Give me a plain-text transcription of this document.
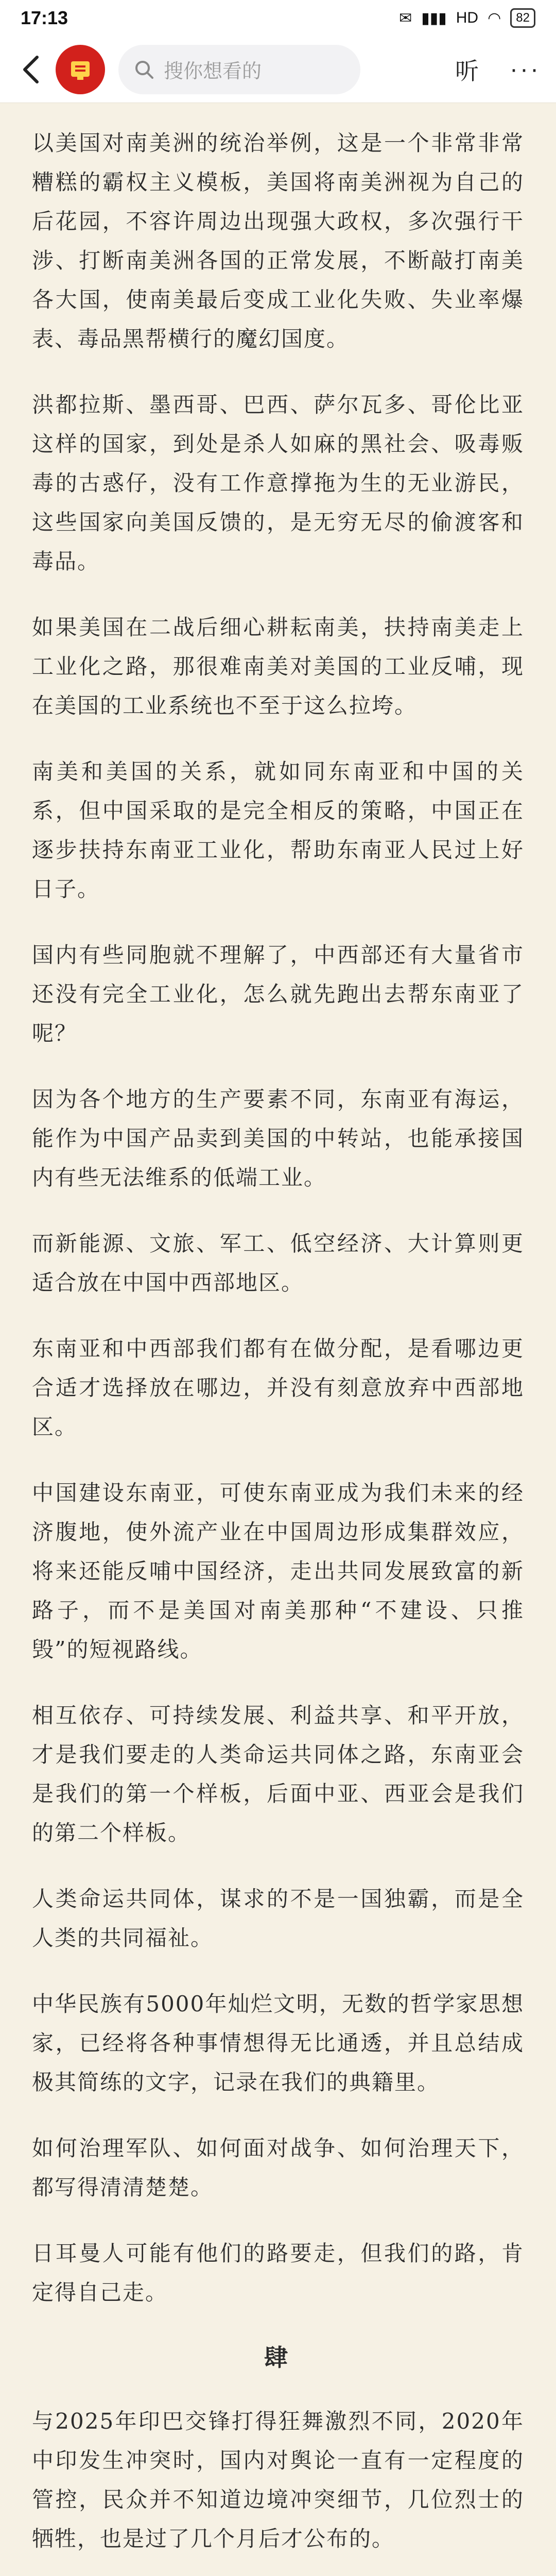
17:13	✉ ▮▮▮ HD ◠	82
搜你想看的	听 ···

以美国对南美洲的统治举例，这是一个非常非常糟糕的霸权主义模板，美国将南美洲视为自己的后花园，不容许周边出现强大政权，多次强行干涉、打断南美洲各国的正常发展，不断敲打南美各大国，使南美最后变成工业化失败、失业率爆表、毒品黑帮横行的魔幻国度。

洪都拉斯、墨西哥、巴西、萨尔瓦多、哥伦比亚这样的国家，到处是杀人如麻的黑社会、吸毒贩毒的古惑仔，没有工作意撑拖为生的无业游民，这些国家向美国反馈的，是无穷无尽的偷渡客和毒品。

如果美国在二战后细心耕耘南美，扶持南美走上工业化之路，那很难南美对美国的工业反哺，现在美国的工业系统也不至于这么拉垮。

南美和美国的关系，就如同东南亚和中国的关系，但中国采取的是完全相反的策略，中国正在逐步扶持东南亚工业化，帮助东南亚人民过上好日子。

国内有些同胞就不理解了，中西部还有大量省市还没有完全工业化，怎么就先跑出去帮东南亚了呢？

因为各个地方的生产要素不同，东南亚有海运，能作为中国产品卖到美国的中转站，也能承接国内有些无法维系的低端工业。

而新能源、文旅、军工、低空经济、大计算则更适合放在中国中西部地区。

东南亚和中西部我们都有在做分配，是看哪边更合适才选择放在哪边，并没有刻意放弃中西部地区。

中国建设东南亚，可使东南亚成为我们未来的经济腹地，使外流产业在中国周边形成集群效应，将来还能反哺中国经济，走出共同发展致富的新路子，而不是美国对南美那种“不建设、只推毁”的短视路线。

相互依存、可持续发展、利益共享、和平开放，才是我们要走的人类命运共同体之路，东南亚会是我们的第一个样板，后面中亚、西亚会是我们的第二个样板。

人类命运共同体，谋求的不是一国独霸，而是全人类的共同福祉。

中华民族有5000年灿烂文明，无数的哲学家思想家，已经将各种事情想得无比通透，并且总结成极其简练的文字，记录在我们的典籍里。

如何治理军队、如何面对战争、如何治理天下，都写得清清楚楚。

日耳曼人可能有他们的路要走，但我们的路，肯定得自己走。

肆

与2025年印巴交锋打得狂舞激烈不同，2020年中印发生冲突时，国内对舆论一直有一定程度的管控，民众并不知道边境冲突细节，几位烈士的牺牲，也是过了几个月后才公布的。
